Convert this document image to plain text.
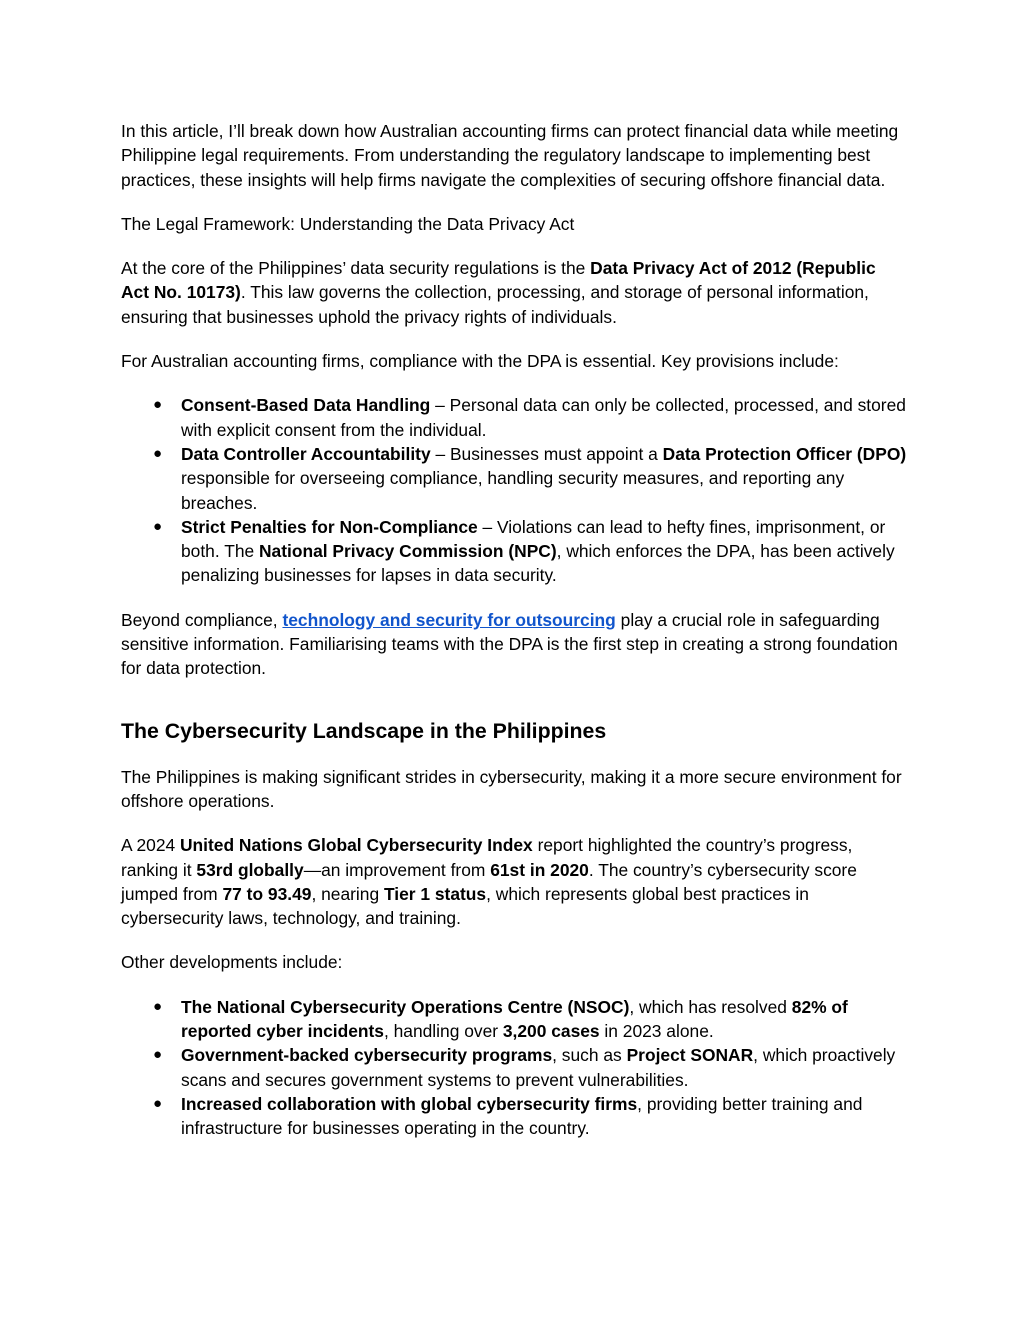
In this article, I’ll break down how Australian accounting firms can protect financial data while meeting Philippine legal requirements. From understanding the regulatory landscape to implementing best practices, these insights will help firms navigate the complexities of securing offshore financial data.

The Legal Framework: Understanding the Data Privacy Act

At the core of the Philippines’ data security regulations is the Data Privacy Act of 2012 (Republic Act No. 10173). This law governs the collection, processing, and storage of personal information, ensuring that businesses uphold the privacy rights of individuals.

For Australian accounting firms, compliance with the DPA is essential. Key provisions include:

● Consent-Based Data Handling – Personal data can only be collected, processed, and stored with explicit consent from the individual.
● Data Controller Accountability – Businesses must appoint a Data Protection Officer (DPO) responsible for overseeing compliance, handling security measures, and reporting any breaches.
● Strict Penalties for Non-Compliance – Violations can lead to hefty fines, imprisonment, or both. The National Privacy Commission (NPC), which enforces the DPA, has been actively penalizing businesses for lapses in data security.

Beyond compliance, technology and security for outsourcing play a crucial role in safeguarding sensitive information. Familiarising teams with the DPA is the first step in creating a strong foundation for data protection.

The Cybersecurity Landscape in the Philippines

The Philippines is making significant strides in cybersecurity, making it a more secure environment for offshore operations.

A 2024 United Nations Global Cybersecurity Index report highlighted the country’s progress, ranking it 53rd globally—an improvement from 61st in 2020. The country’s cybersecurity score jumped from 77 to 93.49, nearing Tier 1 status, which represents global best practices in cybersecurity laws, technology, and training.

Other developments include:

● The National Cybersecurity Operations Centre (NSOC), which has resolved 82% of reported cyber incidents, handling over 3,200 cases in 2023 alone.
● Government-backed cybersecurity programs, such as Project SONAR, which proactively scans and secures government systems to prevent vulnerabilities.
● Increased collaboration with global cybersecurity firms, providing better training and infrastructure for businesses operating in the country.
